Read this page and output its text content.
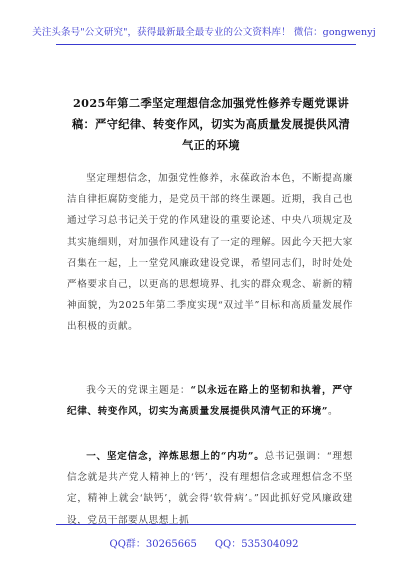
关注头条号"公文研究"，获得最新最全最专业的公文资料库！ 微信：gongwenyj
2025年第二季坚定理想信念加强党性修养专题党课讲稿：严守纪律、转变作风，切实为高质量发展提供风清气正的环境
坚定理想信念，加强党性修养，永葆政治本色，不断提高廉洁自律拒腐防变能力，是党员干部的终生课题。近期，我自己也通过学习总书记关于党的作风建设的重要论述、中央八项规定及其实施细则，对加强作风建设有了一定的理解。因此今天把大家召集在一起，上一堂党风廉政建设党课，希望同志们，时时处处严格要求自己，以更高的思想境界、扎实的群众观念、崭新的精神面貌，为2025年第二季度实现“双过半”目标和高质量发展作出积极的贡献。
我今天的党课主题是：“以永远在路上的坚韧和执着，严守纪律、转变作风，切实为高质量发展提供风清气正的环境”。
一、坚定信念，淬炼思想上的“内功”。总书记强调：“理想信念就是共产党人精神上的‘钙’，没有理想信念或理想信念不坚定，精神上就会‘缺钙’，就会得‘软骨病’。”因此抓好党风廉政建设，党员干部要从思想上抓
QQ群：30265665 QQ：535304092
